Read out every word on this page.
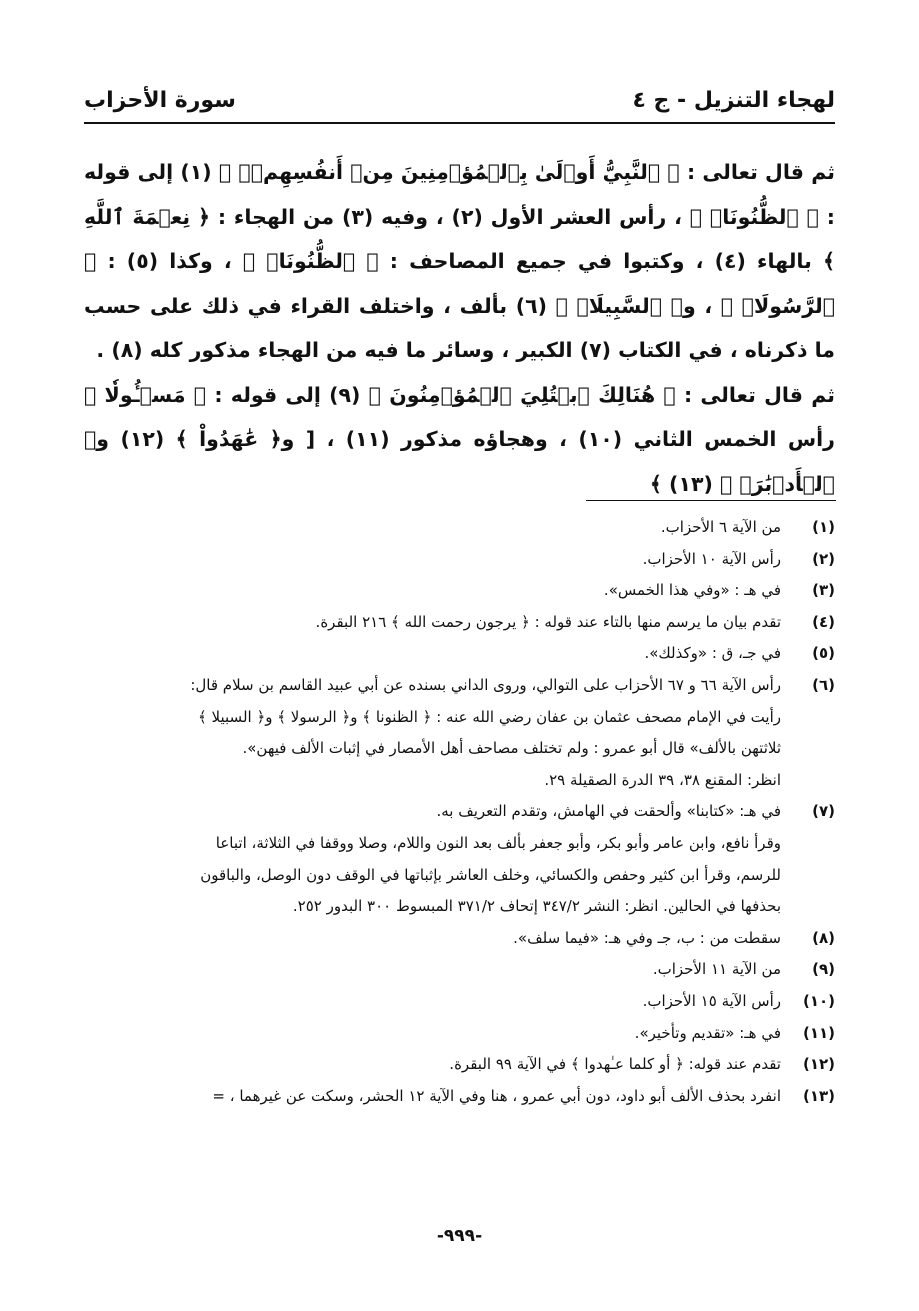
لهجاء التنزيل - ج ٤
سورة الأحزاب

ثم قال تعالى : ﴿ ٱلنَّبِيُّ أَوۡلَىٰ بِٱلۡمُؤۡمِنِينَ مِنۡ أَنفُسِهِمۡۖ ﴾ (١) إلى قوله : ﴿ ٱلظُّنُونَا۠ ﴾ ، رأس العشر الأول (٢) ، وفيه (٣) من الهجاء : ﴿ نِعۡمَةَ ٱللَّهِ ﴾ بالهاء (٤) ، وكتبوا في جميع المصاحف : ﴿ ٱلظُّنُونَا۠ ﴾ ، وكذا (٥) : ﴿ ٱلرَّسُولَا۠ ﴾ ، و﴿ ٱلسَّبِيلَا۠ ﴾ (٦) بألف ، واختلف القراء في ذلك على حسب ما ذكرناه ، في الكتاب (٧) الكبير ، وسائر ما فيه من الهجاء مذكور كله (٨) .

ثم قال تعالى : ﴿ هُنَالِكَ ٱبۡتُلِيَ ٱلۡمُؤۡمِنُونَ ﴾ (٩) إلى قوله : ﴿ مَسۡـُٔولٗا ﴾ رأس الخمس الثاني (١٠) ، وهجاؤه مذكور (١١) ، [ و﴿ عَٰهَدُواْ ﴾ (١٢) و﴿ ٱلۡأَدۡبَٰرَۚ ﴾ (١٣) ﴾

(١)
من الآية ٦ الأحزاب.
(٢)
رأس الآية ١٠ الأحزاب.
(٣)
في هـ : «وفي هذا الخمس».
(٤)
تقدم بيان ما يرسم منها بالتاء عند قوله : ﴿ يرجون رحمت الله ﴾ ٢١٦ البقرة.
(٥)
في جـ، ق : «وكذلك».
(٦)
رأس الآية ٦٦ و ٦٧ الأحزاب على التوالي، وروى الداني بسنده عن أبي عبيد القاسم بن سلام قال:
رأيت في الإمام مصحف عثمان بن عفان رضي الله عنه : ﴿ الظنونا ﴾ و﴿ الرسولا ﴾ و﴿ السبيلا ﴾
ثلاثتهن بالألف» قال أبو عمرو : ولم تختلف مصاحف أهل الأمصار في إثبات الألف فيهن».
انظر: المقنع ٣٨، ٣٩ الدرة الصقيلة ٢٩.
(٧)
في هـ: «كتابنا» وألحقت في الهامش، وتقدم التعريف به.
وقرأ نافع، وابن عامر وأبو بكر، وأبو جعفر بألف بعد النون واللام، وصلا ووقفا في الثلاثة، اتباعا
للرسم، وقرأ ابن كثير وحفص والكسائي، وخلف العاشر بإثباتها في الوقف دون الوصل، والباقون
بحذفها في الحالين. انظر: النشر ٣٤٧/٢ إتحاف ٣٧١/٢ المبسوط ٣٠٠ البدور ٢٥٢.
(٨)
سقطت من : ب، جـ وفي هـ: «فيما سلف».
(٩)
من الآية ١١ الأحزاب.
(١٠)
رأس الآية ١٥ الأحزاب.
(١١)
في هـ: «تقديم وتأخير».
(١٢)
تقدم عند قوله: ﴿ أو كلما عـٰهدوا ﴾ في الآية ٩٩ البقرة.
(١٣)
انفرد بحذف الألف أبو داود، دون أبي عمرو ، هنا وفي الآية ١٢ الحشر، وسكت عن غيرهما ، =
-٩٩٩-
